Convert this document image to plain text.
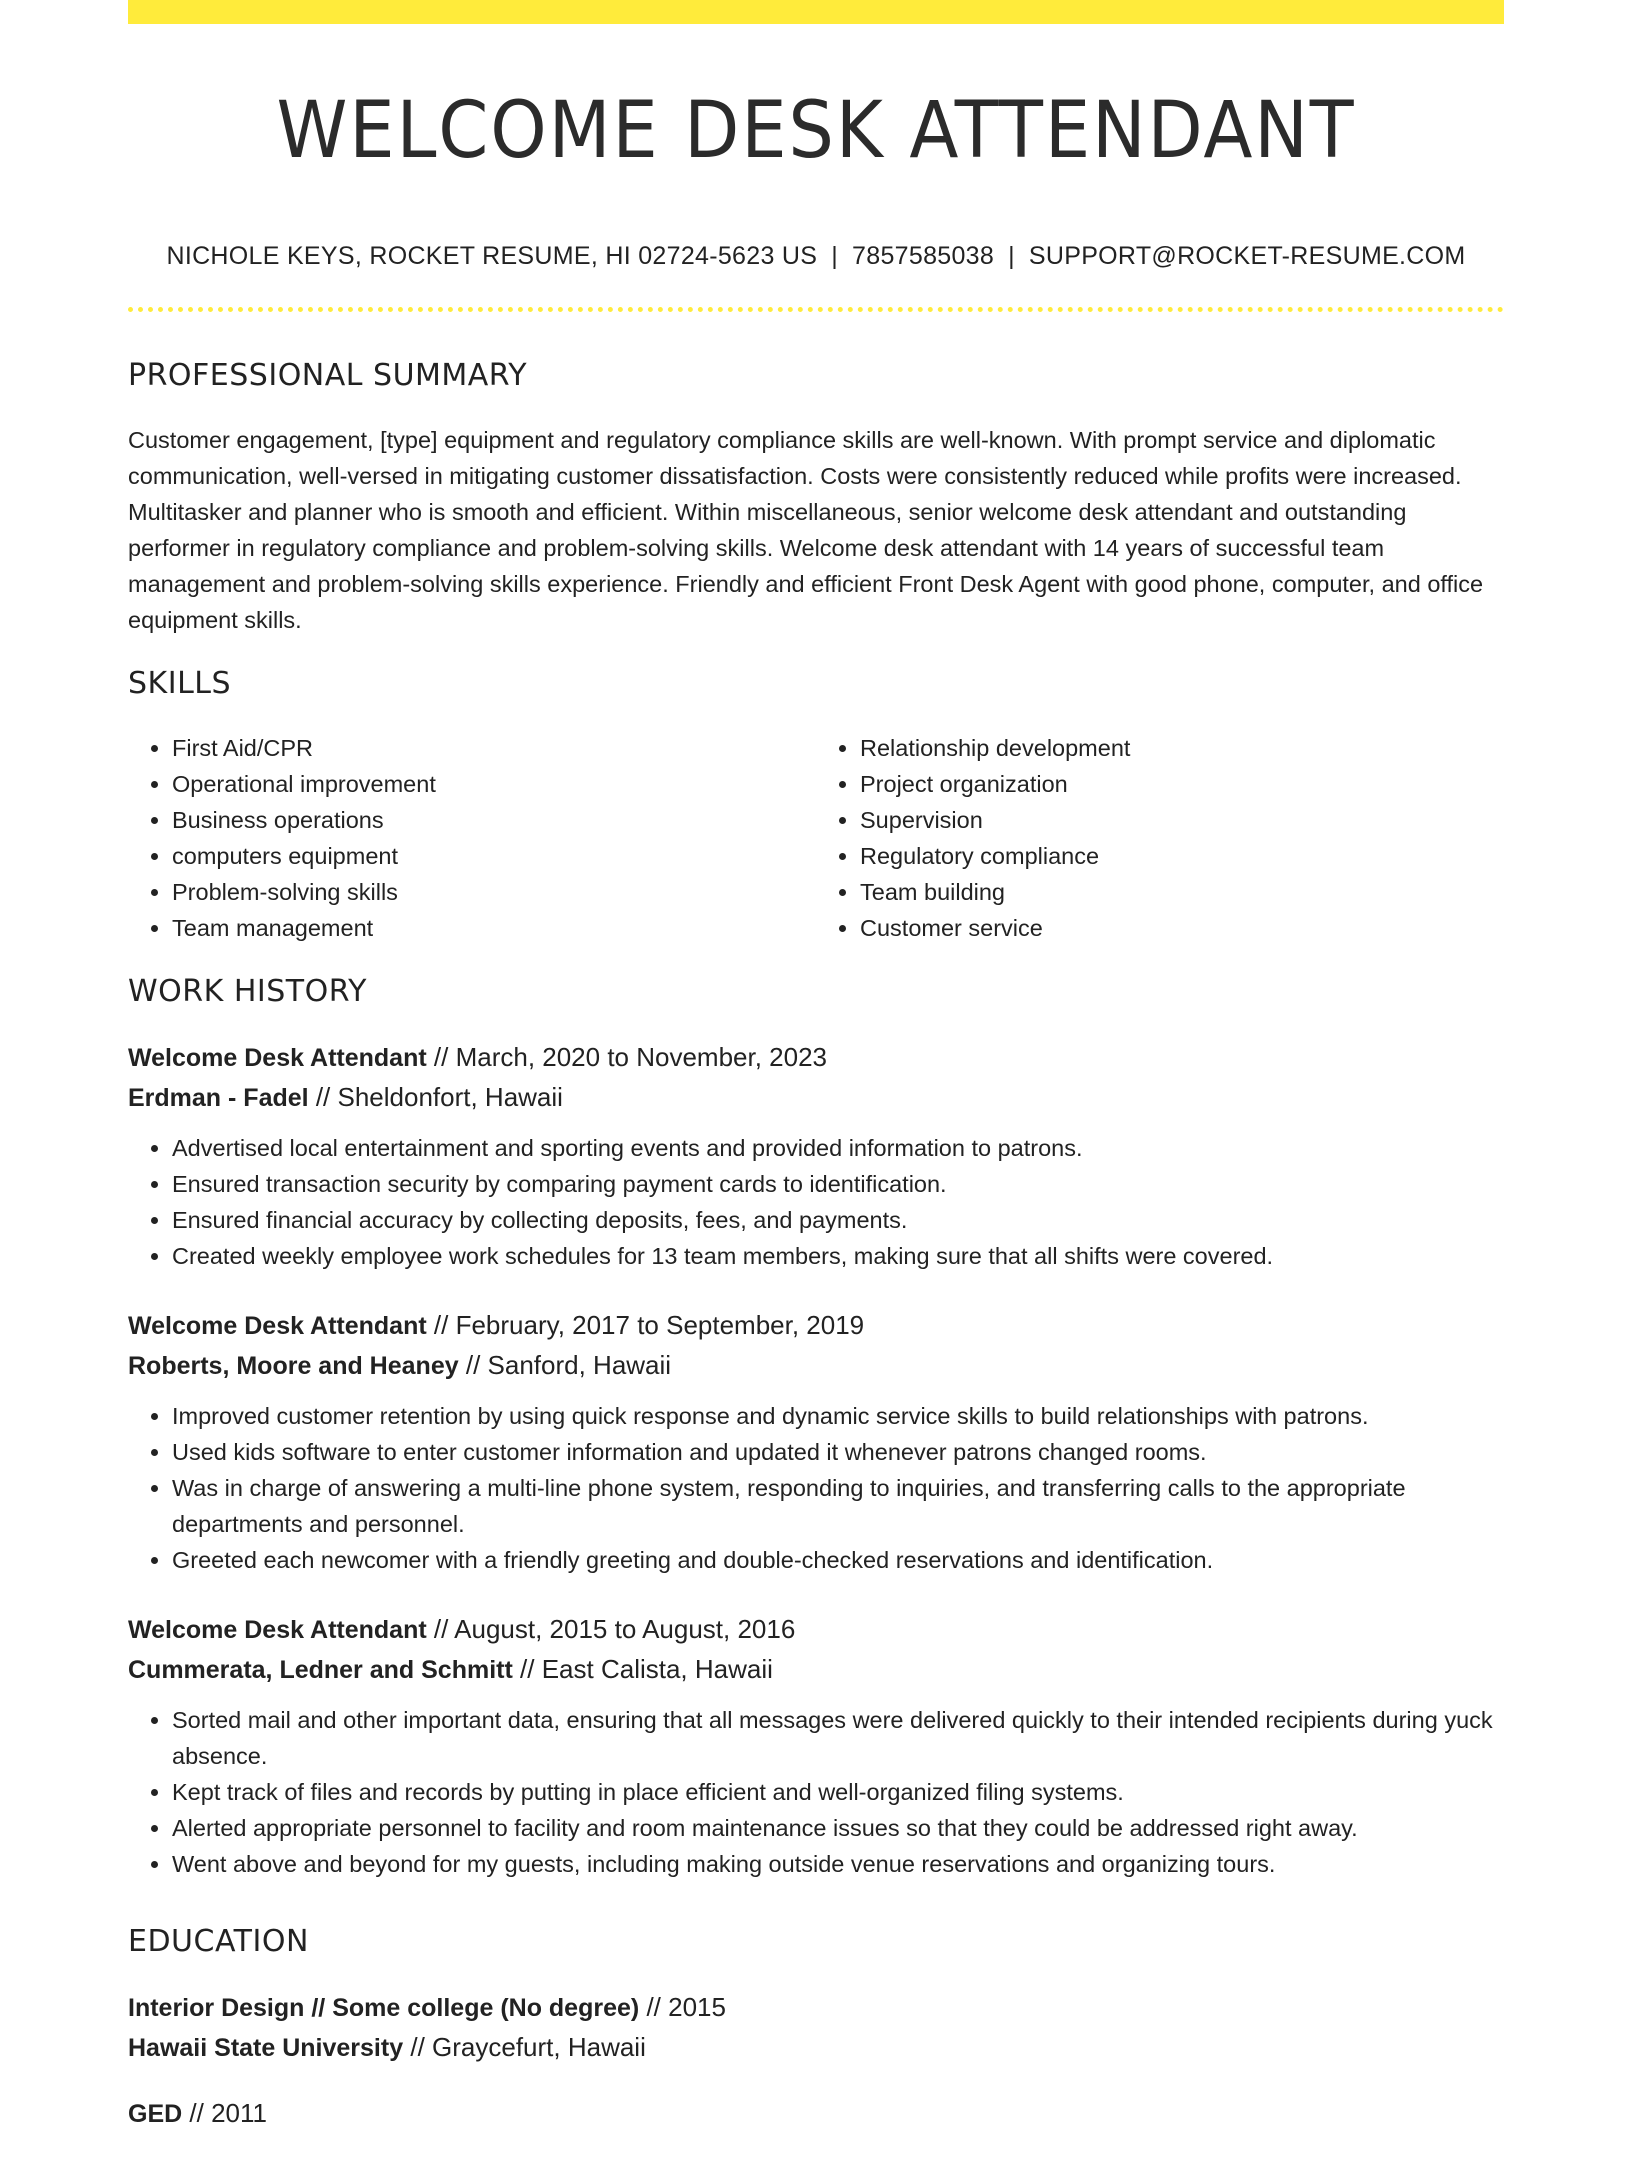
WELCOME DESK ATTENDANT
NICHOLE KEYS, ROCKET RESUME, HI 02724-5623 US | 7857585038 | SUPPORT@ROCKET-RESUME.COM
PROFESSIONAL SUMMARY

Customer engagement, [type] equipment and regulatory compliance skills are well-known. With prompt service and diplomatic communication, well-versed in mitigating customer dissatisfaction. Costs were consistently reduced while profits were increased. Multitasker and planner who is smooth and efficient. Within miscellaneous, senior welcome desk attendant and outstanding performer in regulatory compliance and problem-solving skills. Welcome desk attendant with 14 years of successful team management and problem-solving skills experience. Friendly and efficient Front Desk Agent with good phone, computer, and office equipment skills.

SKILLS
• First Aid/CPR
• Operational improvement
• Business operations
• computers equipment
• Problem-solving skills
• Team management
• Relationship development
• Project organization
• Supervision
• Regulatory compliance
• Team building
• Customer service
WORK HISTORY
Welcome Desk Attendant // March, 2020 to November, 2023
Erdman - Fadel // Sheldonfort, Hawaii
• Advertised local entertainment and sporting events and provided information to patrons.
• Ensured transaction security by comparing payment cards to identification.
• Ensured financial accuracy by collecting deposits, fees, and payments.
• Created weekly employee work schedules for 13 team members, making sure that all shifts were covered.
Welcome Desk Attendant // February, 2017 to September, 2019
Roberts, Moore and Heaney // Sanford, Hawaii
• Improved customer retention by using quick response and dynamic service skills to build relationships with patrons.
• Used kids software to enter customer information and updated it whenever patrons changed rooms.
• Was in charge of answering a multi-line phone system, responding to inquiries, and transferring calls to the appropriate departments and personnel.
• Greeted each newcomer with a friendly greeting and double-checked reservations and identification.
Welcome Desk Attendant // August, 2015 to August, 2016
Cummerata, Ledner and Schmitt // East Calista, Hawaii
• Sorted mail and other important data, ensuring that all messages were delivered quickly to their intended recipients during yuck absence.
• Kept track of files and records by putting in place efficient and well-organized filing systems.
• Alerted appropriate personnel to facility and room maintenance issues so that they could be addressed right away.
• Went above and beyond for my guests, including making outside venue reservations and organizing tours.
EDUCATION
Interior Design // Some college (No degree) // 2015
Hawaii State University // Graycefurt, Hawaii
GED // 2011
